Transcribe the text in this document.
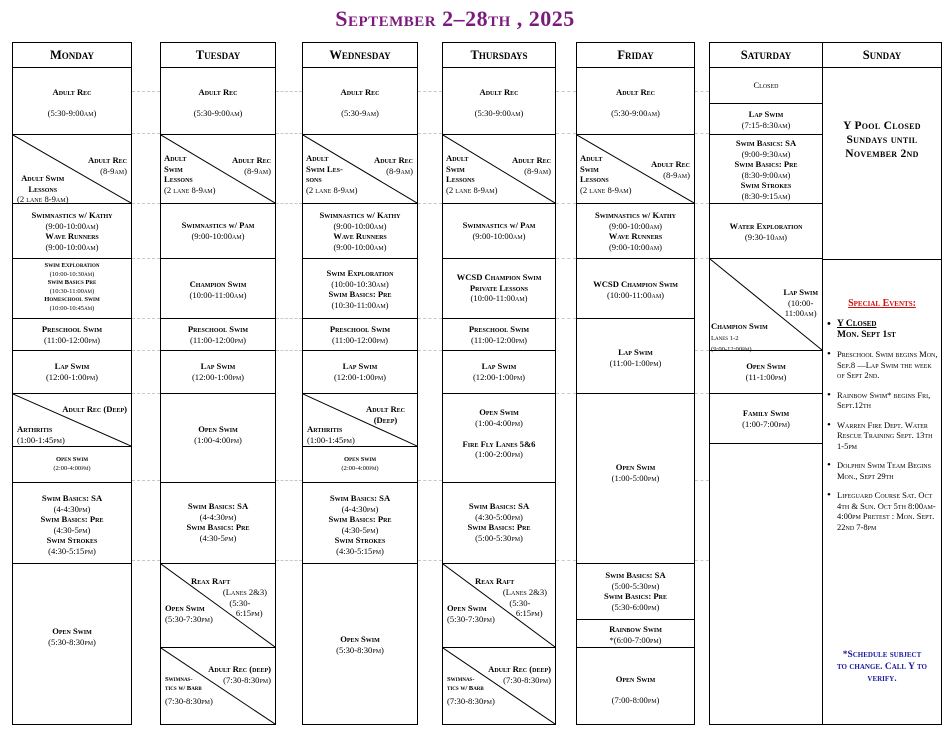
September 2–28th , 2025
Monday
Adult Rec

(5:30-9:00am)
Adult Rec
(8-9am)
Adult Swim
Lessons
(2 lane 8-9am)
Swimnastics w/ Kathy
(9:00-10:00am)
Wave Runners
(9:00-10:00am)
Swim Exploration
(10:00-10:30am)
Swim Basics Pre
(10:30-11:00am)
Homeschool Swim
(10:00-10:45am)
Preschool Swim
(11:00-12:00pm)
Lap Swim
(12:00-1:00pm)
Adult Rec (Deep)
Arthritis
(1:00-1:45pm)
Open Swim
(2:00-4:00pm)
Swim Basics: SA
(4-4:30pm)
Swim Basics: Pre
(4:30-5pm)
Swim Strokes
(4:30-5:15pm)
Open Swim
(5:30-8:30pm)
Tuesday
Adult Rec

(5:30-9:00am)
Adult Rec
(8-9am)
Adult
Swim
Lessons
(2 lane 8-9am)
Swimnastics w/ Pam
(9:00-10:00am)
Champion Swim
(10:00-11:00am)
Preschool Swim
(11:00-12:00pm)
Lap Swim
(12:00-1:00pm)
Open Swim
(1:00-4:00pm)
Swim Basics: SA
(4-4:30pm)
Swim Basics: Pre
(4:30-5pm)
Reax Raft
(Lanes 2&3)
(5:30-
6:15pm)
Open Swim
(5:30-7:30pm)
Adult Rec (deep)
(7:30-8:30pm)
Swimnas-
tics w/ Barb
(7:30-8:30pm)
Wednesday
Adult Rec

(5:30-9am)
Adult Rec
(8-9am)
Adult
Swim Les-
sons
(2 lane 8-9am)
Swimnastics w/ Kathy
(9:00-10:00am)
Wave Runners
(9:00-10:00am)
Swim Exploration
(10:00-10:30am)
Swim Basics: Pre
(10:30-11:00am)
Preschool Swim
(11:00-12:00pm)
Lap Swim
(12:00-1:00pm)
Adult Rec
(Deep)
Arthritis
(1:00-1:45pm)
Open Swim
(2:00-4:00pm)
Swim Basics: SA
(4-4:30pm)
Swim Basics: Pre
(4:30-5pm)
Swim Strokes
(4:30-5:15pm)
Open Swim
(5:30-8:30pm)
Thursdays
Adult Rec

(5:30-9:00am)
Adult Rec
(8-9am)
Adult
Swim
Lessons
(2 lane 8-9am)
Swimnastics w/ Pam
(9:00-10:00am)
WCSD Champion Swim
Private Lessons
(10:00-11:00am)
Preschool Swim
(11:00-12:00pm)
Lap Swim
(12:00-1:00pm)
Open Swim
(1:00-4:00pm)

Fire Fly Lanes 5&6
(1:00-2:00pm)
Swim Basics: SA
(4:30-5:00pm)
Swim Basics: Pre
(5:00-5:30pm)
Reax Raft
(Lanes 2&3)
(5:30-
6:15pm)
Open Swim
(5:30-7:30pm)
Adult Rec (deep)
(7:30-8:30pm)
Swimnas-
tics w/ Barb
(7:30-8:30pm)
Friday
Adult Rec

(5:30-9:00am)
Adult Rec
(8-9am)
Adult
Swim
Lessons
(2 lane 8-9am)
Swimnastics w/ Kathy
(9:00-10:00am)
Wave Runners
(9:00-10:00am)
WCSD Champion Swim
(10:00-11:00am)
Lap Swim
(11:00-1:00pm)
Open Swim
(1:00-5:00pm)
Swim Basics: SA
(5:00-5:30pm)
Swim Basics: Pre
(5:30-6:00pm)
Rainbow Swim
*(6:00-7:00pm)
Open Swim

(7:00-8:00pm)
Saturday
Closed
Lap Swim
(7:15-8:30am)
Swim Basics: SA
(9:00-9:30am)
Swim Basics: Pre
(8:30-9:00am)
Swim Strokes
(8:30-9:15am)
Water Exploration
(9:30-10am)
Lap Swim
(10:00-
11:00am)
Champion Swim
Lanes 1-2
(9:00-12:00pm)
Open Swim
(11-1:00pm)
Family Swim
(1:00-7:00pm)
Sunday
Y Pool Closed
Sundays until
November 2nd
Special Events:
• Y Closed
Mon. Sept 1st
• Preschool Swim begins Mon, Sep.8 —Lap Swim the week of Sept 2nd.
• Rainbow Swim* begins Fri, Sept.12th
• Warren Fire Dept. Water Rescue Training Sept. 13th 1-5pm
• Dolphin Swim Team Begins Mon., Sept 29th
• Lifeguard Course Sat. Oct 4th & Sun. Oct 5th 8:00am-4:00pm Pretest : Mon. Sept. 22nd 7-8pm
*Schedule subject
to change. Call Y to
verify.
